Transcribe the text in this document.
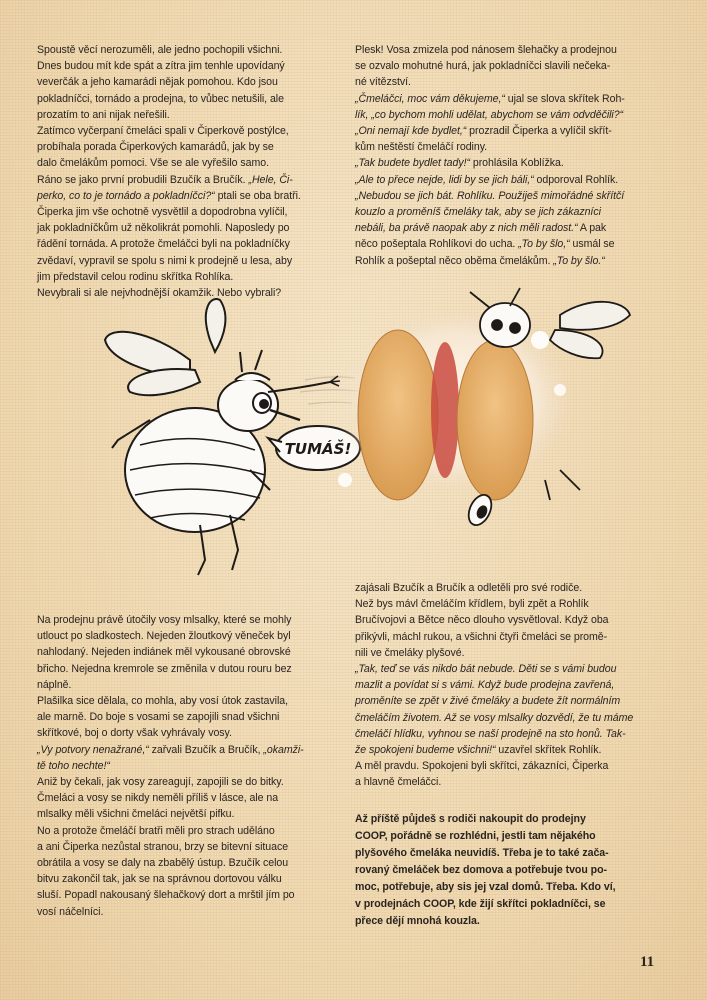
Spoustě věcí nerozuměli, ale jedno pochopili všichni.

Dnes budou mít kde spát a zítra jim tenhle upovídaný

veverčák a jeho kamarádi nějak pomohou. Kdo jsou

pokladníčci, tornádo a prodejna, to vůbec netušili, ale

prozatím to ani nijak neřešili.

Zatímco vyčerpaní čmeláci spali v Čiperkově postýlce,

probíhala porada Čiperkových kamarádů, jak by se

dalo čmelákům pomoci. Vše se ale vyřešilo samo.

Ráno se jako první probudili Bzučík a Bručík. „Hele, Či-

perko, co to je tornádo a pokladníčci?“ ptali se oba bratři.

Čiperka jim vše ochotně vysvětlil a dopodrobna vylíčil,

jak pokladníčkům už několikrát pomohli. Naposledy po

řádění tornáda. A protože čmeláčci byli na pokladníčky

zvědaví, vypravil se spolu s nimi k prodejně u lesa, aby

jim představil celou rodinu skřítka Rohlíka.

Nevybrali si ale nejvhodnější okamžik. Nebo vybrali?

Plesk! Vosa zmizela pod nánosem šlehačky a prodejnou

se ozvalo mohutné hurá, jak pokladníčci slavili nečeka-

né vítězství.

„Čmeláčci, moc vám děkujeme,“ ujal se slova skřítek Roh-

lík, „co bychom mohli udělat, abychom se vám odvděčili?“

„Oni nemají kde bydlet,“ prozradil Čiperka a vylíčil skřít-

kům neštěstí čmeláčí rodiny.

„Tak budete bydlet tady!“ prohlásila Koblížka.

„Ale to přece nejde, lidi by se jich báli,“ odporoval Rohlík.

„Nebudou se jich bát. Rohlíku. Použiješ mimořádné skřítčí

kouzlo a proměníš čmeláky tak, aby se jich zákazníci

nebáli, ba právě naopak aby z nich měli radost.“ A pak

něco pošeptala Rohlíkovi do ucha. „To by šlo,“ usmál se

Rohlík a pošeptal něco oběma čmelákům. „To by šlo.“

TUMÁŠ!

Na prodejnu právě útočily vosy mlsalky, které se mohly

utlouct po sladkostech. Nejeden žloutkový věneček byl

nahlodaný. Nejeden indiánek měl vykousané obrovské

břicho. Nejedna kremrole se změnila v dutou rouru bez

náplně.

Plašilka sice dělala, co mohla, aby vosí útok zastavila,

ale marně. Do boje s vosami se zapojili snad všichni

skřítkové, boj o dorty však vyhrávaly vosy.

„Vy potvory nenažrané,“ zařvali Bzučík a Bručík, „okamži-

tě toho nechte!“

Aniž by čekali, jak vosy zareagují, zapojili se do bitky.

Čmeláci a vosy se nikdy neměli příliš v lásce, ale na

mlsalky měli všichni čmeláci největší pifku.

No a protože čmeláčí bratři měli pro strach uděláno

a ani Čiperka nezůstal stranou, brzy se bitevní situace

obrátila a vosy se daly na zbabělý ústup. Bzučík celou

bitvu zakončil tak, jak se na správnou dortovou válku

sluší. Popadl nakousaný šlehačkový dort a mrštil jím po

vosí náčelníci.

zajásali Bzučík a Bručík a odletěli pro své rodiče.

Než bys mávl čmeláčím křídlem, byli zpět a Rohlík

Bručívojovi a Bětce něco dlouho vysvětloval. Když oba

přikývli, máchl rukou, a všichni čtyři čmeláci se promě-

nili ve čmeláky plyšové.

„Tak, teď se vás nikdo bát nebude. Děti se s vámi budou

mazlit a povídat si s vámi. Když bude prodejna zavřená,

proměníte se zpět v živé čmeláky a budete žít normálním

čmeláčím životem. Až se vosy mlsalky dozvědí, že tu máme

čmeláčí hlídku, vyhnou se naší prodejně na sto honů. Tak-

že spokojeni budeme všichni!“ uzavřel skřítek Rohlík.

A měl pravdu. Spokojeni byli skřítci, zákazníci, Čiperka

a hlavně čmeláčci.

Až příště půjdeš s rodiči nakoupit do prodejny

COOP, pořádně se rozhlédni, jestli tam nějakého

plyšového čmeláka neuvidíš. Třeba je to také zača-

rovaný čmeláček bez domova a potřebuje tvou po-

moc, potřebuje, aby sis jej vzal domů. Třeba. Kdo ví,

v prodejnách COOP, kde žijí skřítci pokladníčci, se

přece dějí mnohá kouzla.

11
